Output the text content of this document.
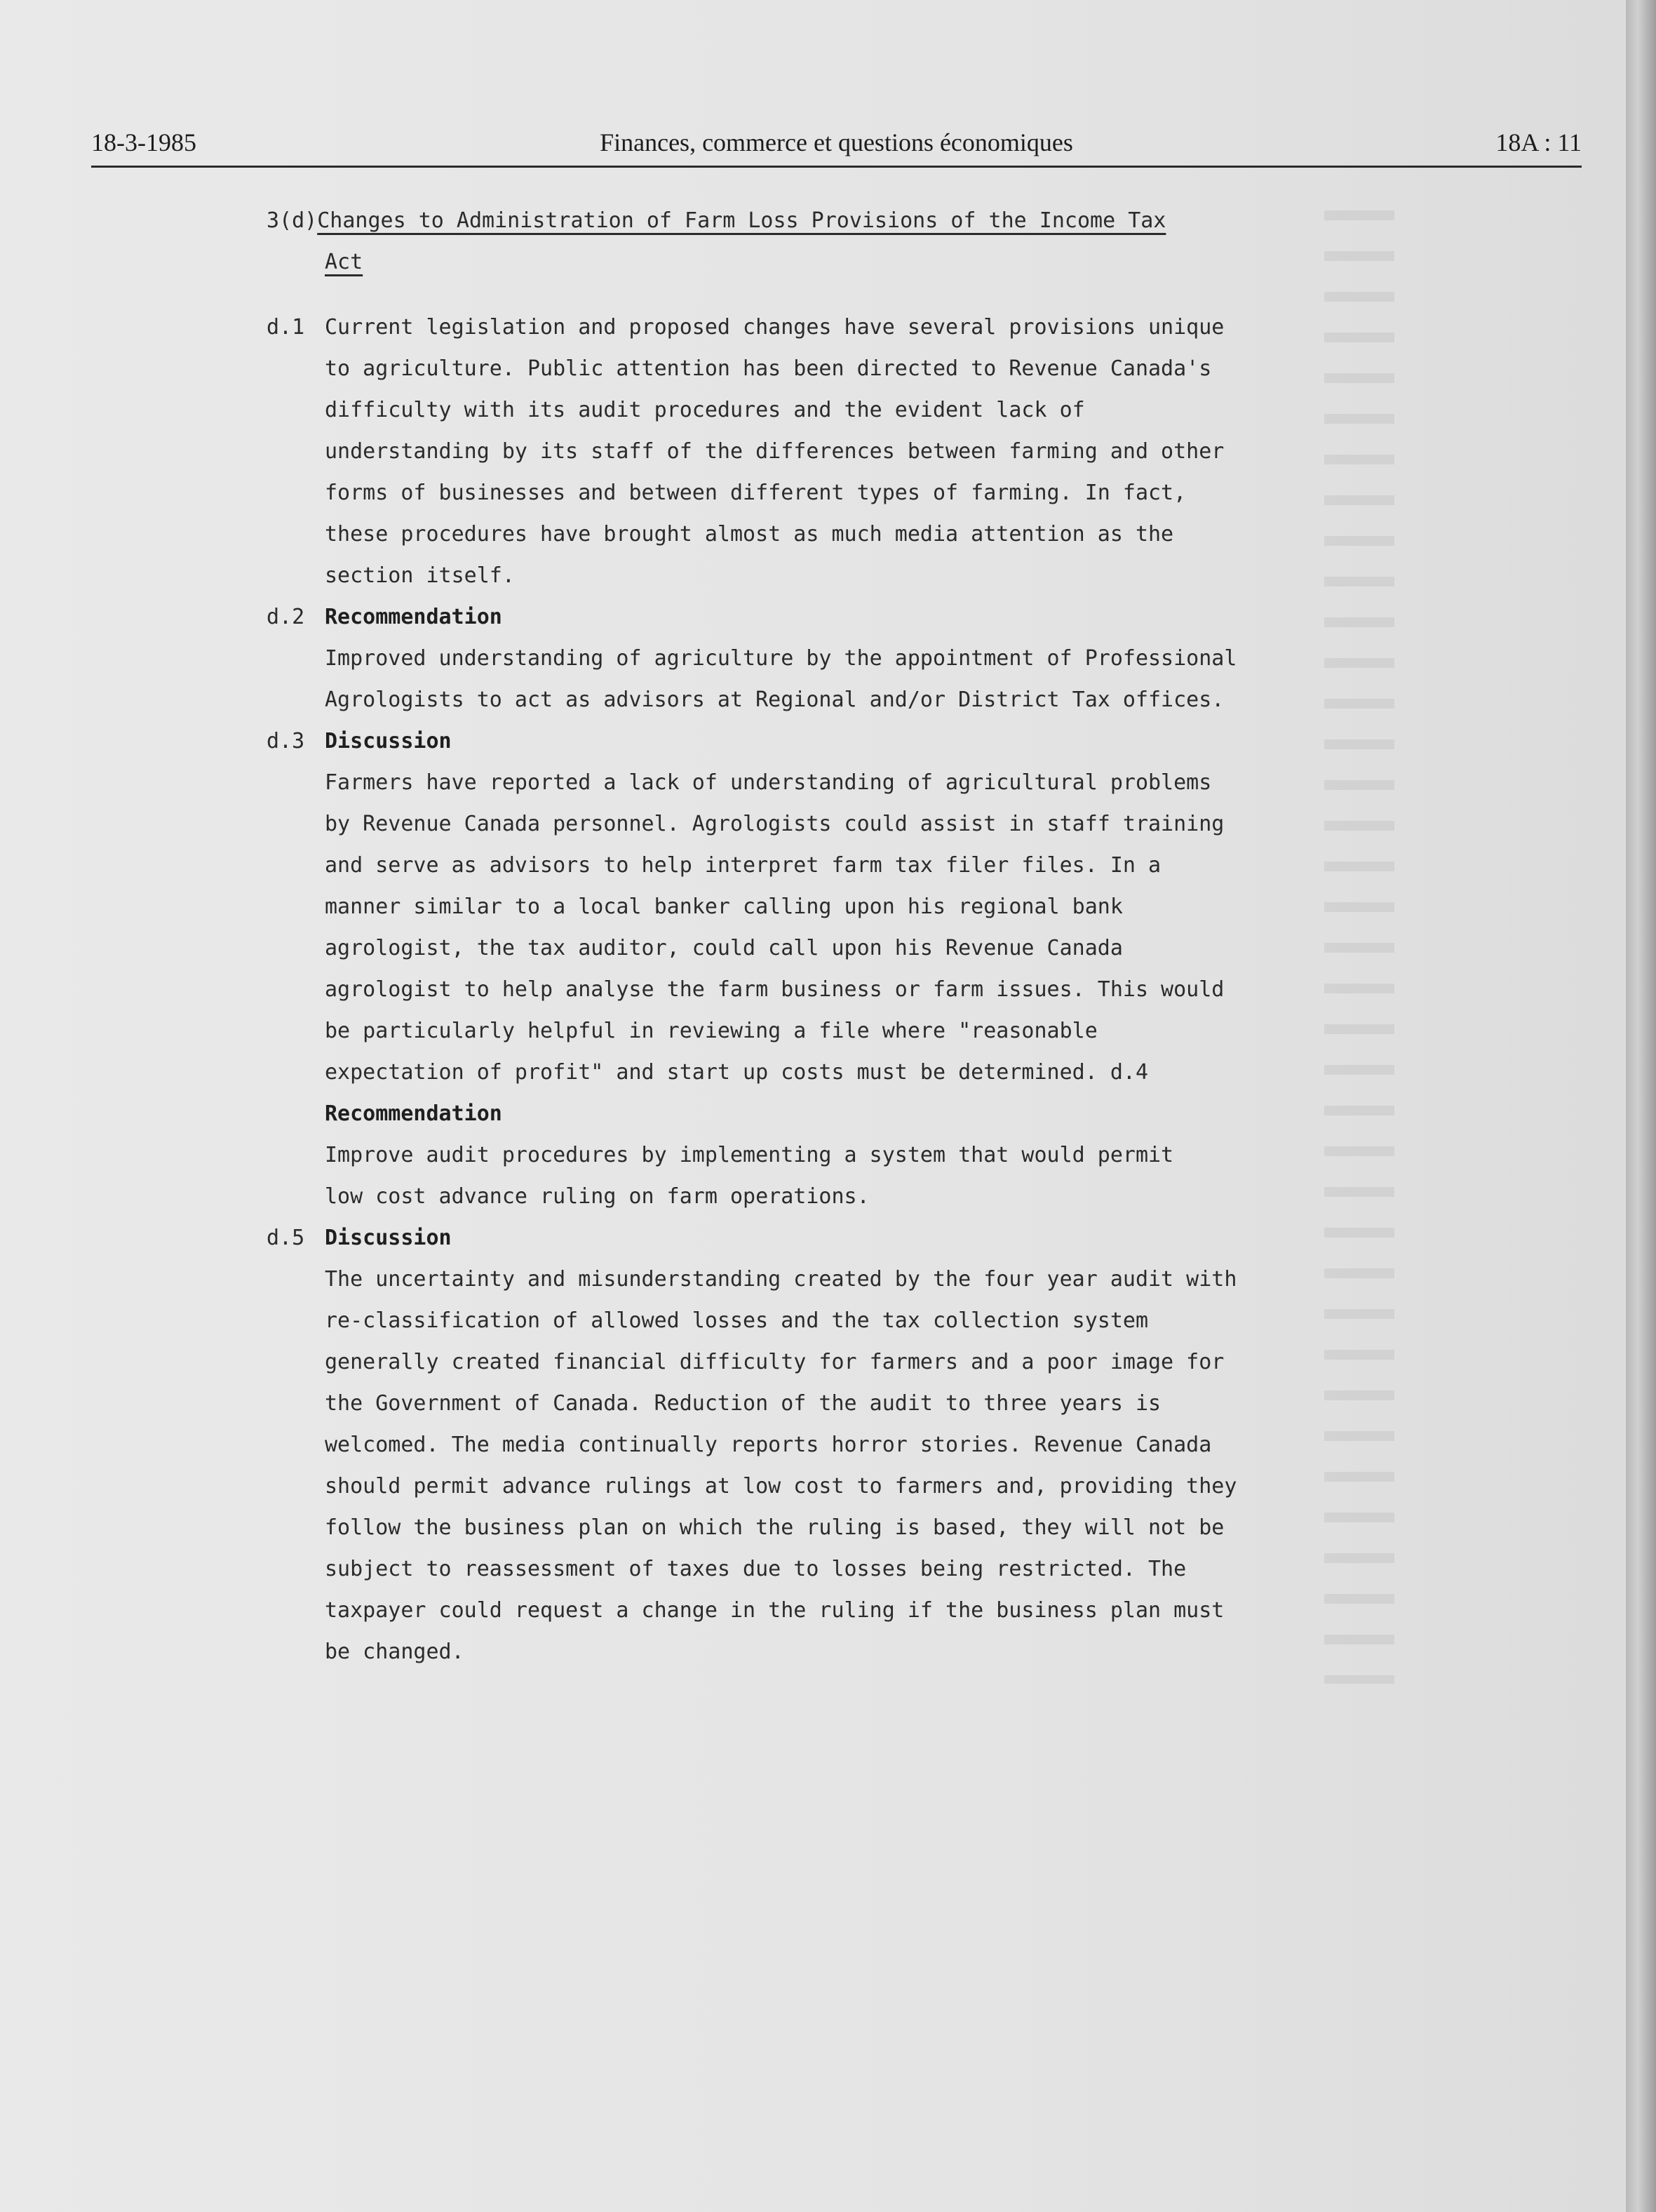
18-3-1985	Finances, commerce et questions économiques	18A : 11
3(d)Changes to Administration of Farm Loss Provisions of the Income Tax
Act
d.1 Current legislation and proposed changes have several provisions unique
to agriculture. Public attention has been directed to Revenue Canada's
difficulty with its audit procedures and the evident lack of
understanding by its staff of the differences between farming and other
forms of businesses and between different types of farming. In fact,
these procedures have brought almost as much media attention as the
section itself.
d.2 Recommendation
Improved understanding of agriculture by the appointment of Professional
Agrologists to act as advisors at Regional and/or District Tax offices.
d.3 Discussion
Farmers have reported a lack of understanding of agricultural problems
by Revenue Canada personnel. Agrologists could assist in staff training
and serve as advisors to help interpret farm tax filer files. In a
manner similar to a local banker calling upon his regional bank
agrologist, the tax auditor, could call upon his Revenue Canada
agrologist to help analyse the farm business or farm issues. This would
be particularly helpful in reviewing a file where "reasonable
expectation of profit" and start up costs must be determined. d.4
Recommendation
Improve audit procedures by implementing a system that would permit
low cost advance ruling on farm operations.
d.5 Discussion
The uncertainty and misunderstanding created by the four year audit with
re-classification of allowed losses and the tax collection system
generally created financial difficulty for farmers and a poor image for
the Government of Canada. Reduction of the audit to three years is
welcomed. The media continually reports horror stories. Revenue Canada
should permit advance rulings at low cost to farmers and, providing they
follow the business plan on which the ruling is based, they will not be
subject to reassessment of taxes due to losses being restricted. The
taxpayer could request a change in the ruling if the business plan must
be changed.
